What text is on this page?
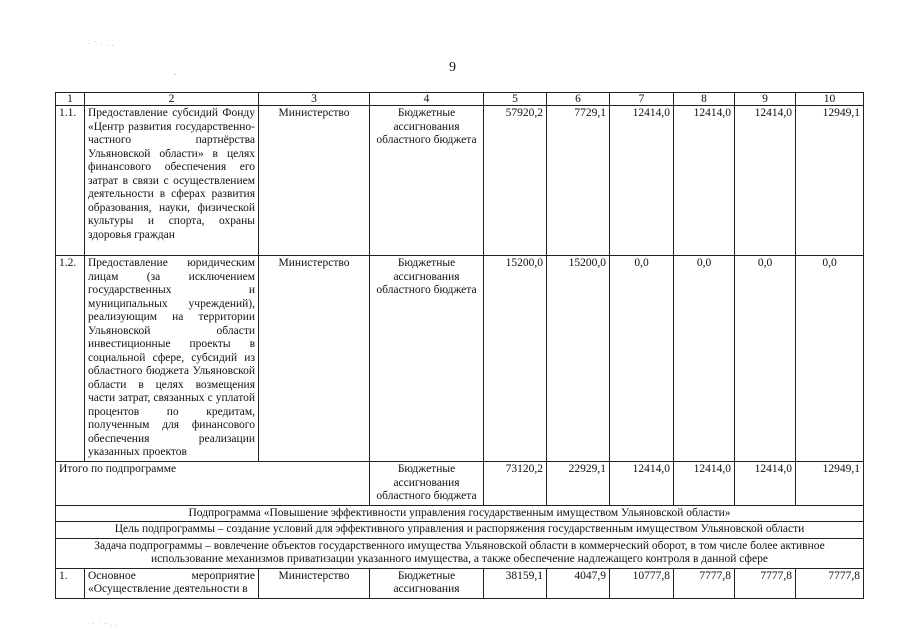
· ˙ · . .
-
· ˙ · . .
9
1	2	3	4	5	6	7	8	9	10
1.1.	Предоставление субсидий Фонду «Центр развития государственно-частного партнёрства Ульяновской области» в целях финансового обеспечения его затрат в связи с осуществлением деятельности в сферах развития образования, науки, физической культуры и спорта, охраны здоровья граждан	Министерство	Бюджетные ассигнования областного бюджета	57920,2	7729,1	12414,0	12414,0	12414,0	12949,1
1.2.	Предоставление юридическим лицам (за исключением государственных и муниципальных учреждений), реализующим на территории Ульяновской области инвестиционные проекты в социальной сфере, субсидий из областного бюджета Ульяновской области в целях возмещения части затрат, связанных с уплатой процентов по кредитам, полученным для финансового обеспечения реализации указанных проектов	Министерство	Бюджетные ассигнования областного бюджета	15200,0	15200,0	0,0	0,0	0,0	0,0
Итого по подпрограмме			Бюджетные ассигнования областного бюджета	73120,2	22929,1	12414,0	12414,0	12414,0	12949,1
Подпрограмма «Повышение эффективности управления государственным имуществом Ульяновской области»									
Цель подпрограммы – создание условий для эффективного управления и распоряжения государственным имуществом Ульяновской области									
Задача подпрограммы – вовлечение объектов государственного имущества Ульяновской области в коммерческий оборот, в том числе более активное использование механизмов приватизации указанного имущества, а также обеспечение надлежащего контроля в данной сфере									
1.	Основное мероприятие «Осуществление деятельности в	Министерство	Бюджетные ассигнования	38159,1	4047,9	10777,8	7777,8	7777,8	7777,8
